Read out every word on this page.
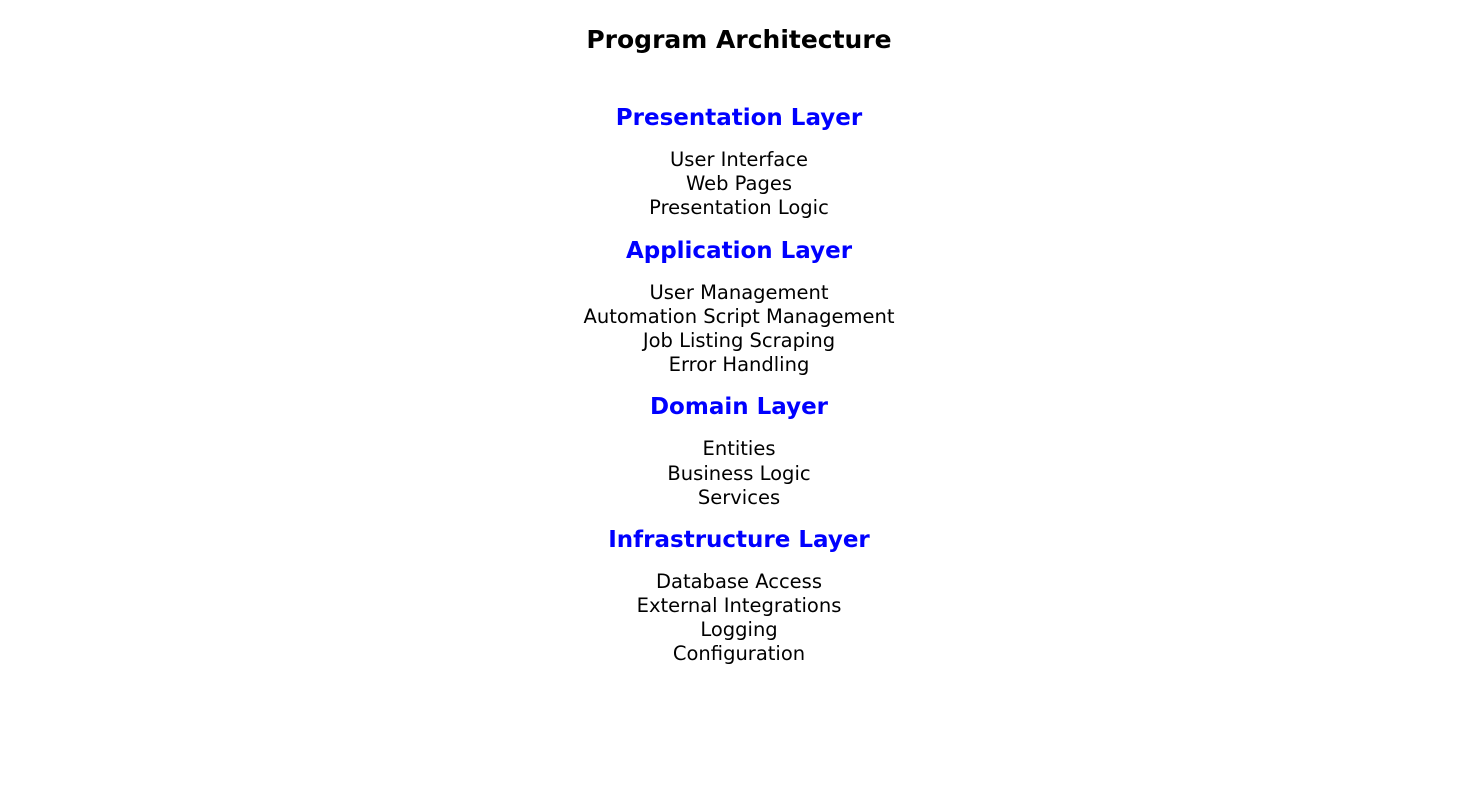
Program Architecture
Presentation Layer
User Interface
Web Pages
Presentation Logic
Application Layer
User Management
Automation Script Management
Job Listing Scraping
Error Handling
Domain Layer
Entities
Business Logic
Services
Infrastructure Layer
Database Access
External Integrations
Logging
Configuration
